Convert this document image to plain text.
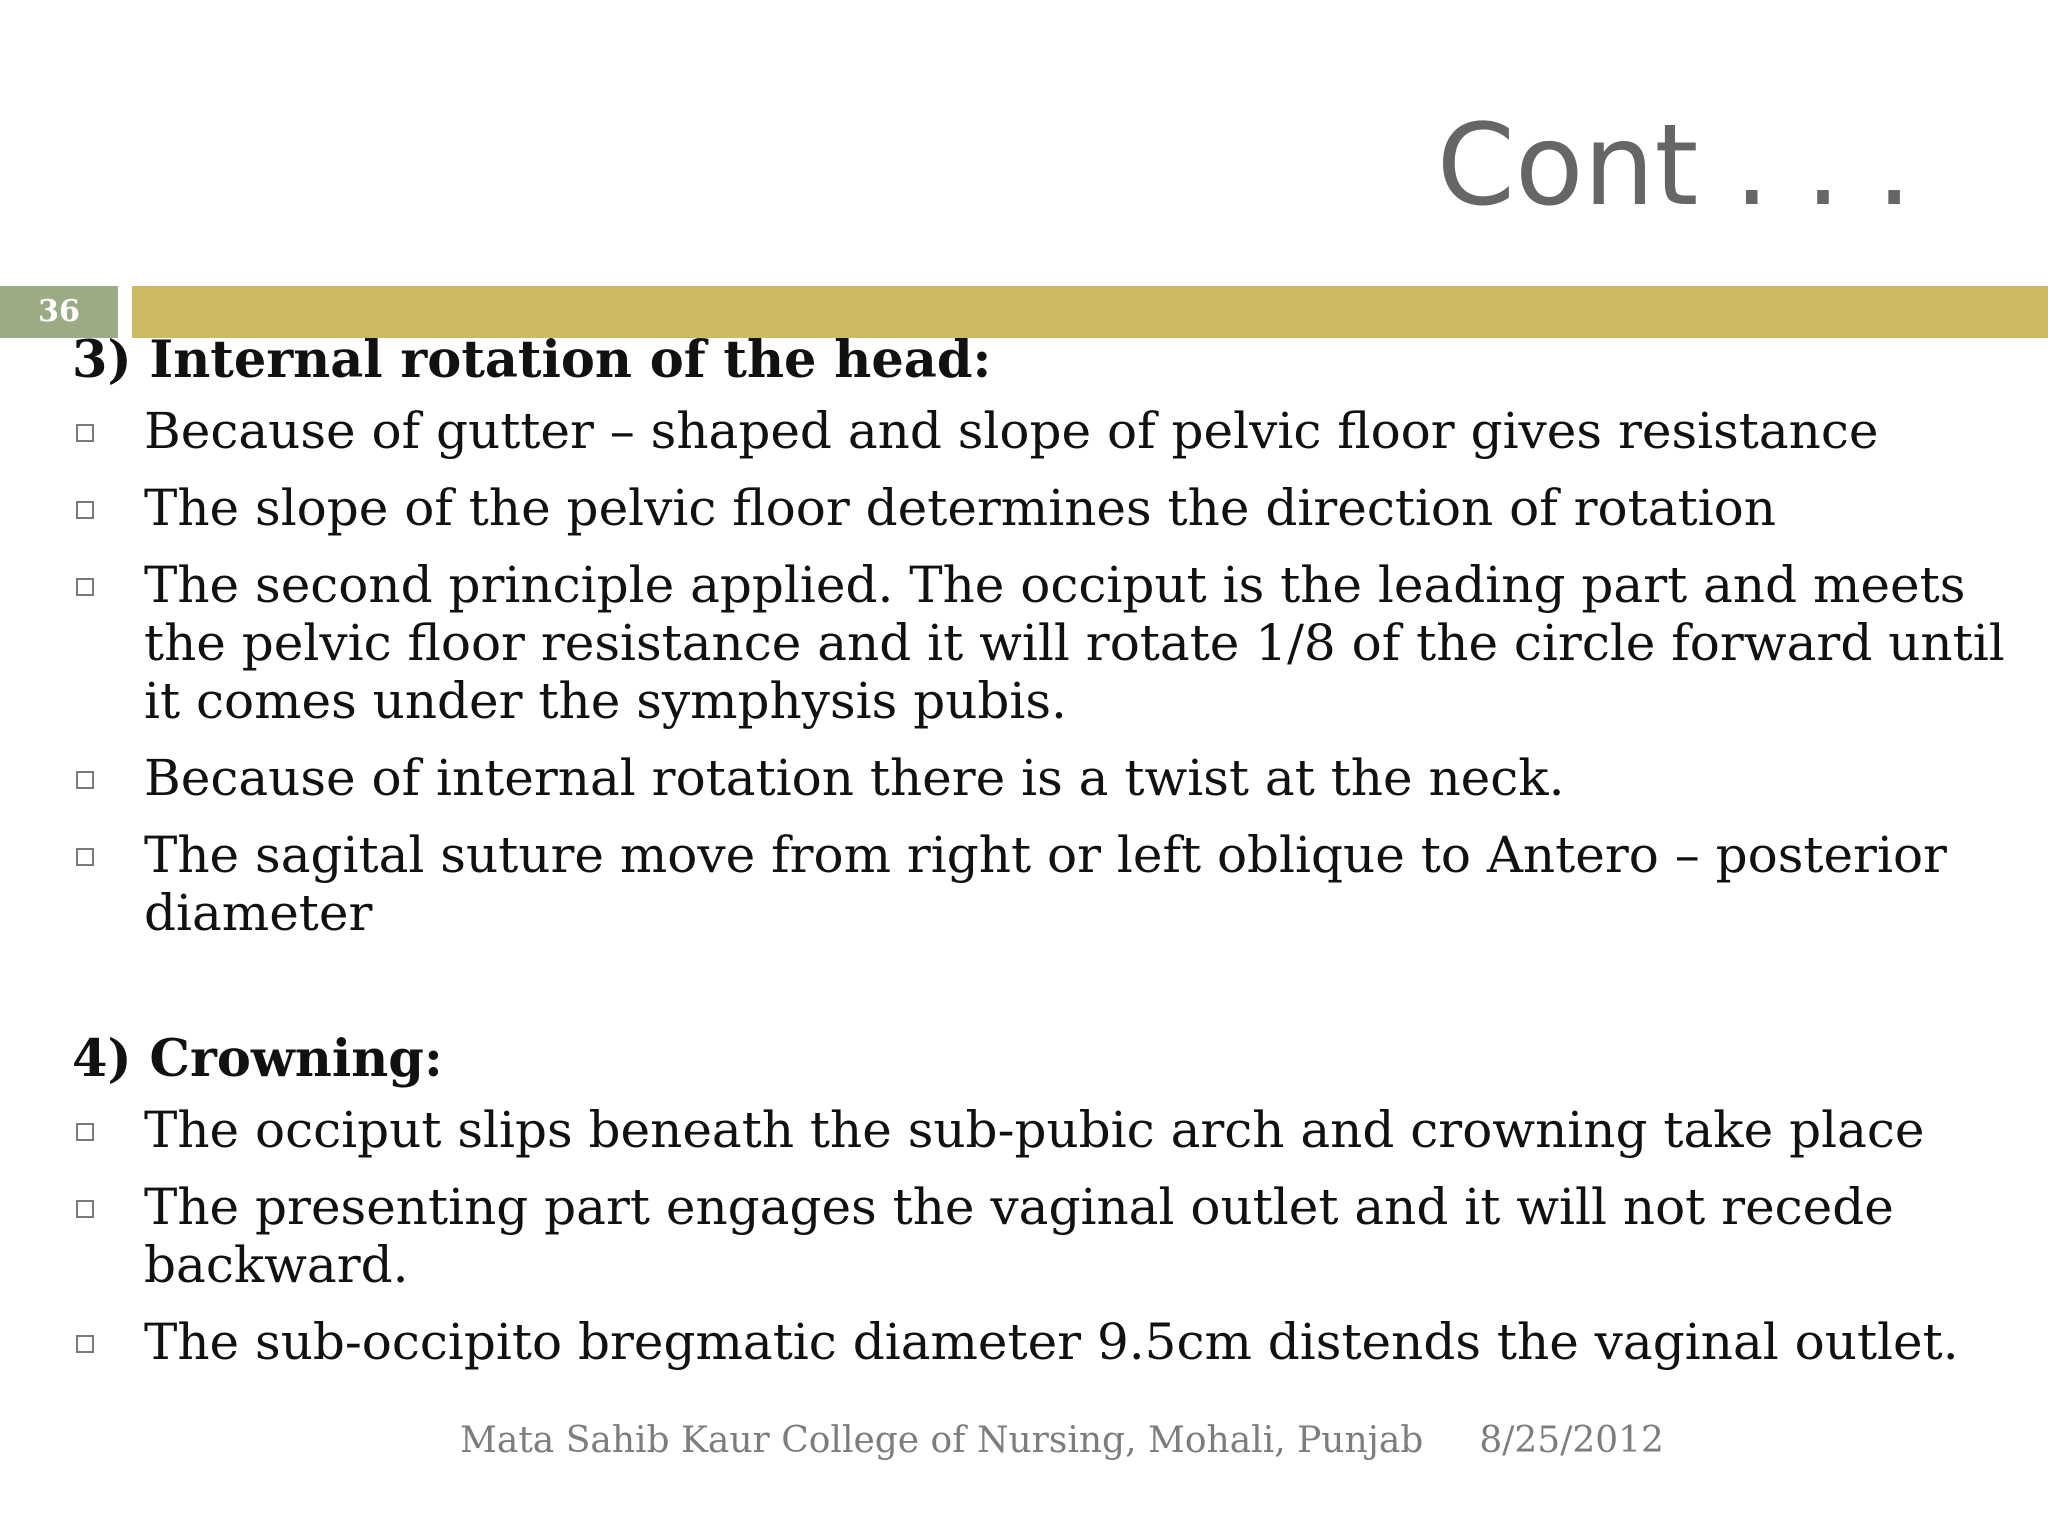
Cont . . .
36
3) Internal rotation of the head:
Because of gutter – shaped and slope of pelvic floor gives resistance
The slope of the pelvic floor determines the direction of rotation
The second principle applied. The occiput is the leading part and meets the pelvic floor resistance and it will rotate 1/8 of the circle forward until it comes under the symphysis pubis.
Because of internal rotation there is a twist at the neck.
The sagital suture move from right or left oblique to Antero – posterior diameter
4) Crowning:
The occiput slips beneath the sub-pubic arch and crowning take place
The presenting part engages the vaginal outlet and it will not recede backward.
The sub-occipito bregmatic diameter 9.5cm distends the vaginal outlet.
Mata Sahib Kaur College of Nursing, Mohali, Punjab 8/25/2012
